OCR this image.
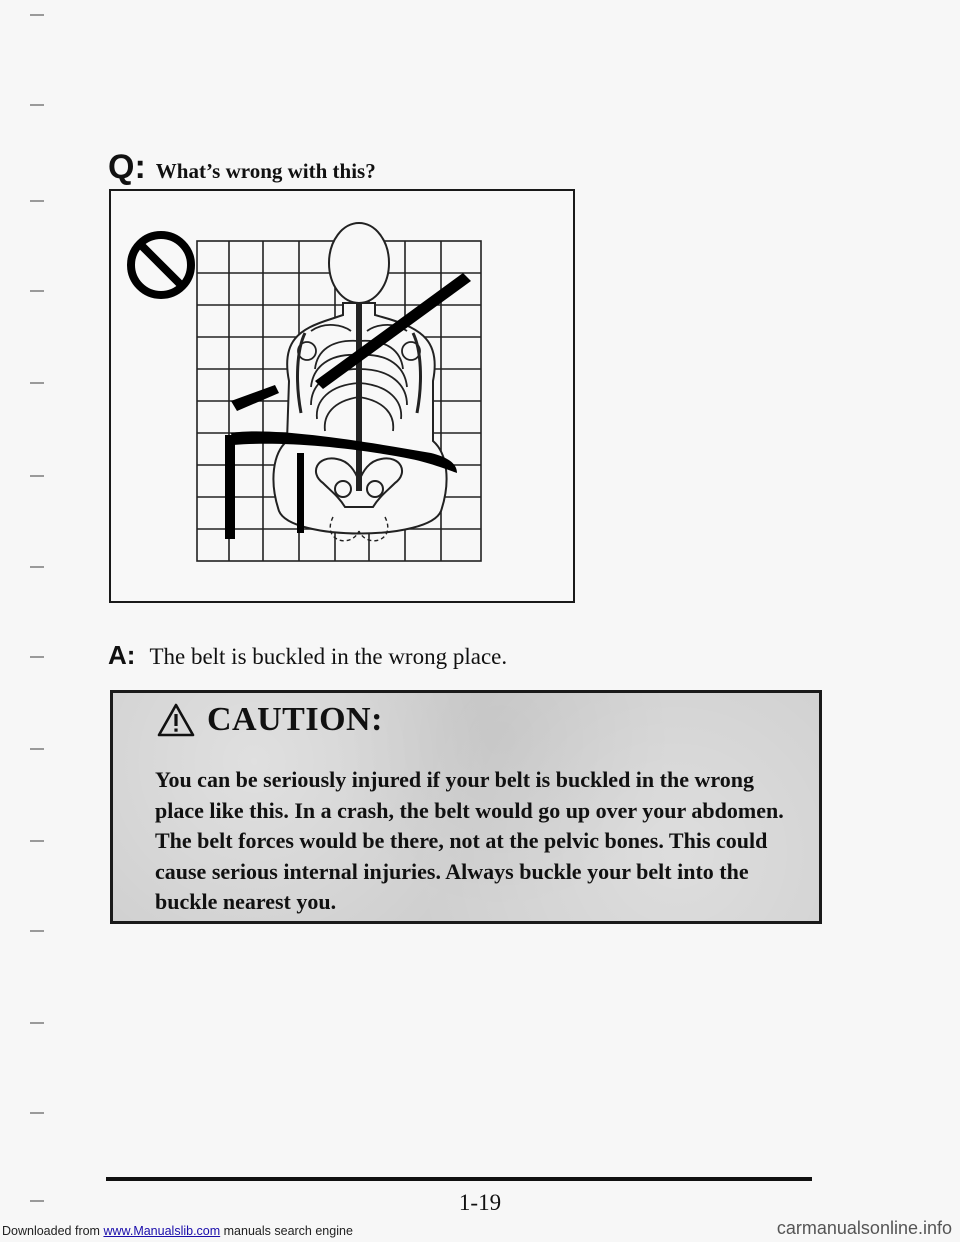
Q: What’s wrong with this?
A: The belt is buckled in the wrong place.
CAUTION:
You can be seriously injured if your belt is buckled in the wrong place like this. In a crash, the belt would go up over your abdomen. The belt forces would be there, not at the pelvic bones. This could cause serious internal injuries. Always buckle your belt into the buckle nearest you.
1-19
Downloaded from www.Manualslib.com manuals search engine	carmanualsonline.info
